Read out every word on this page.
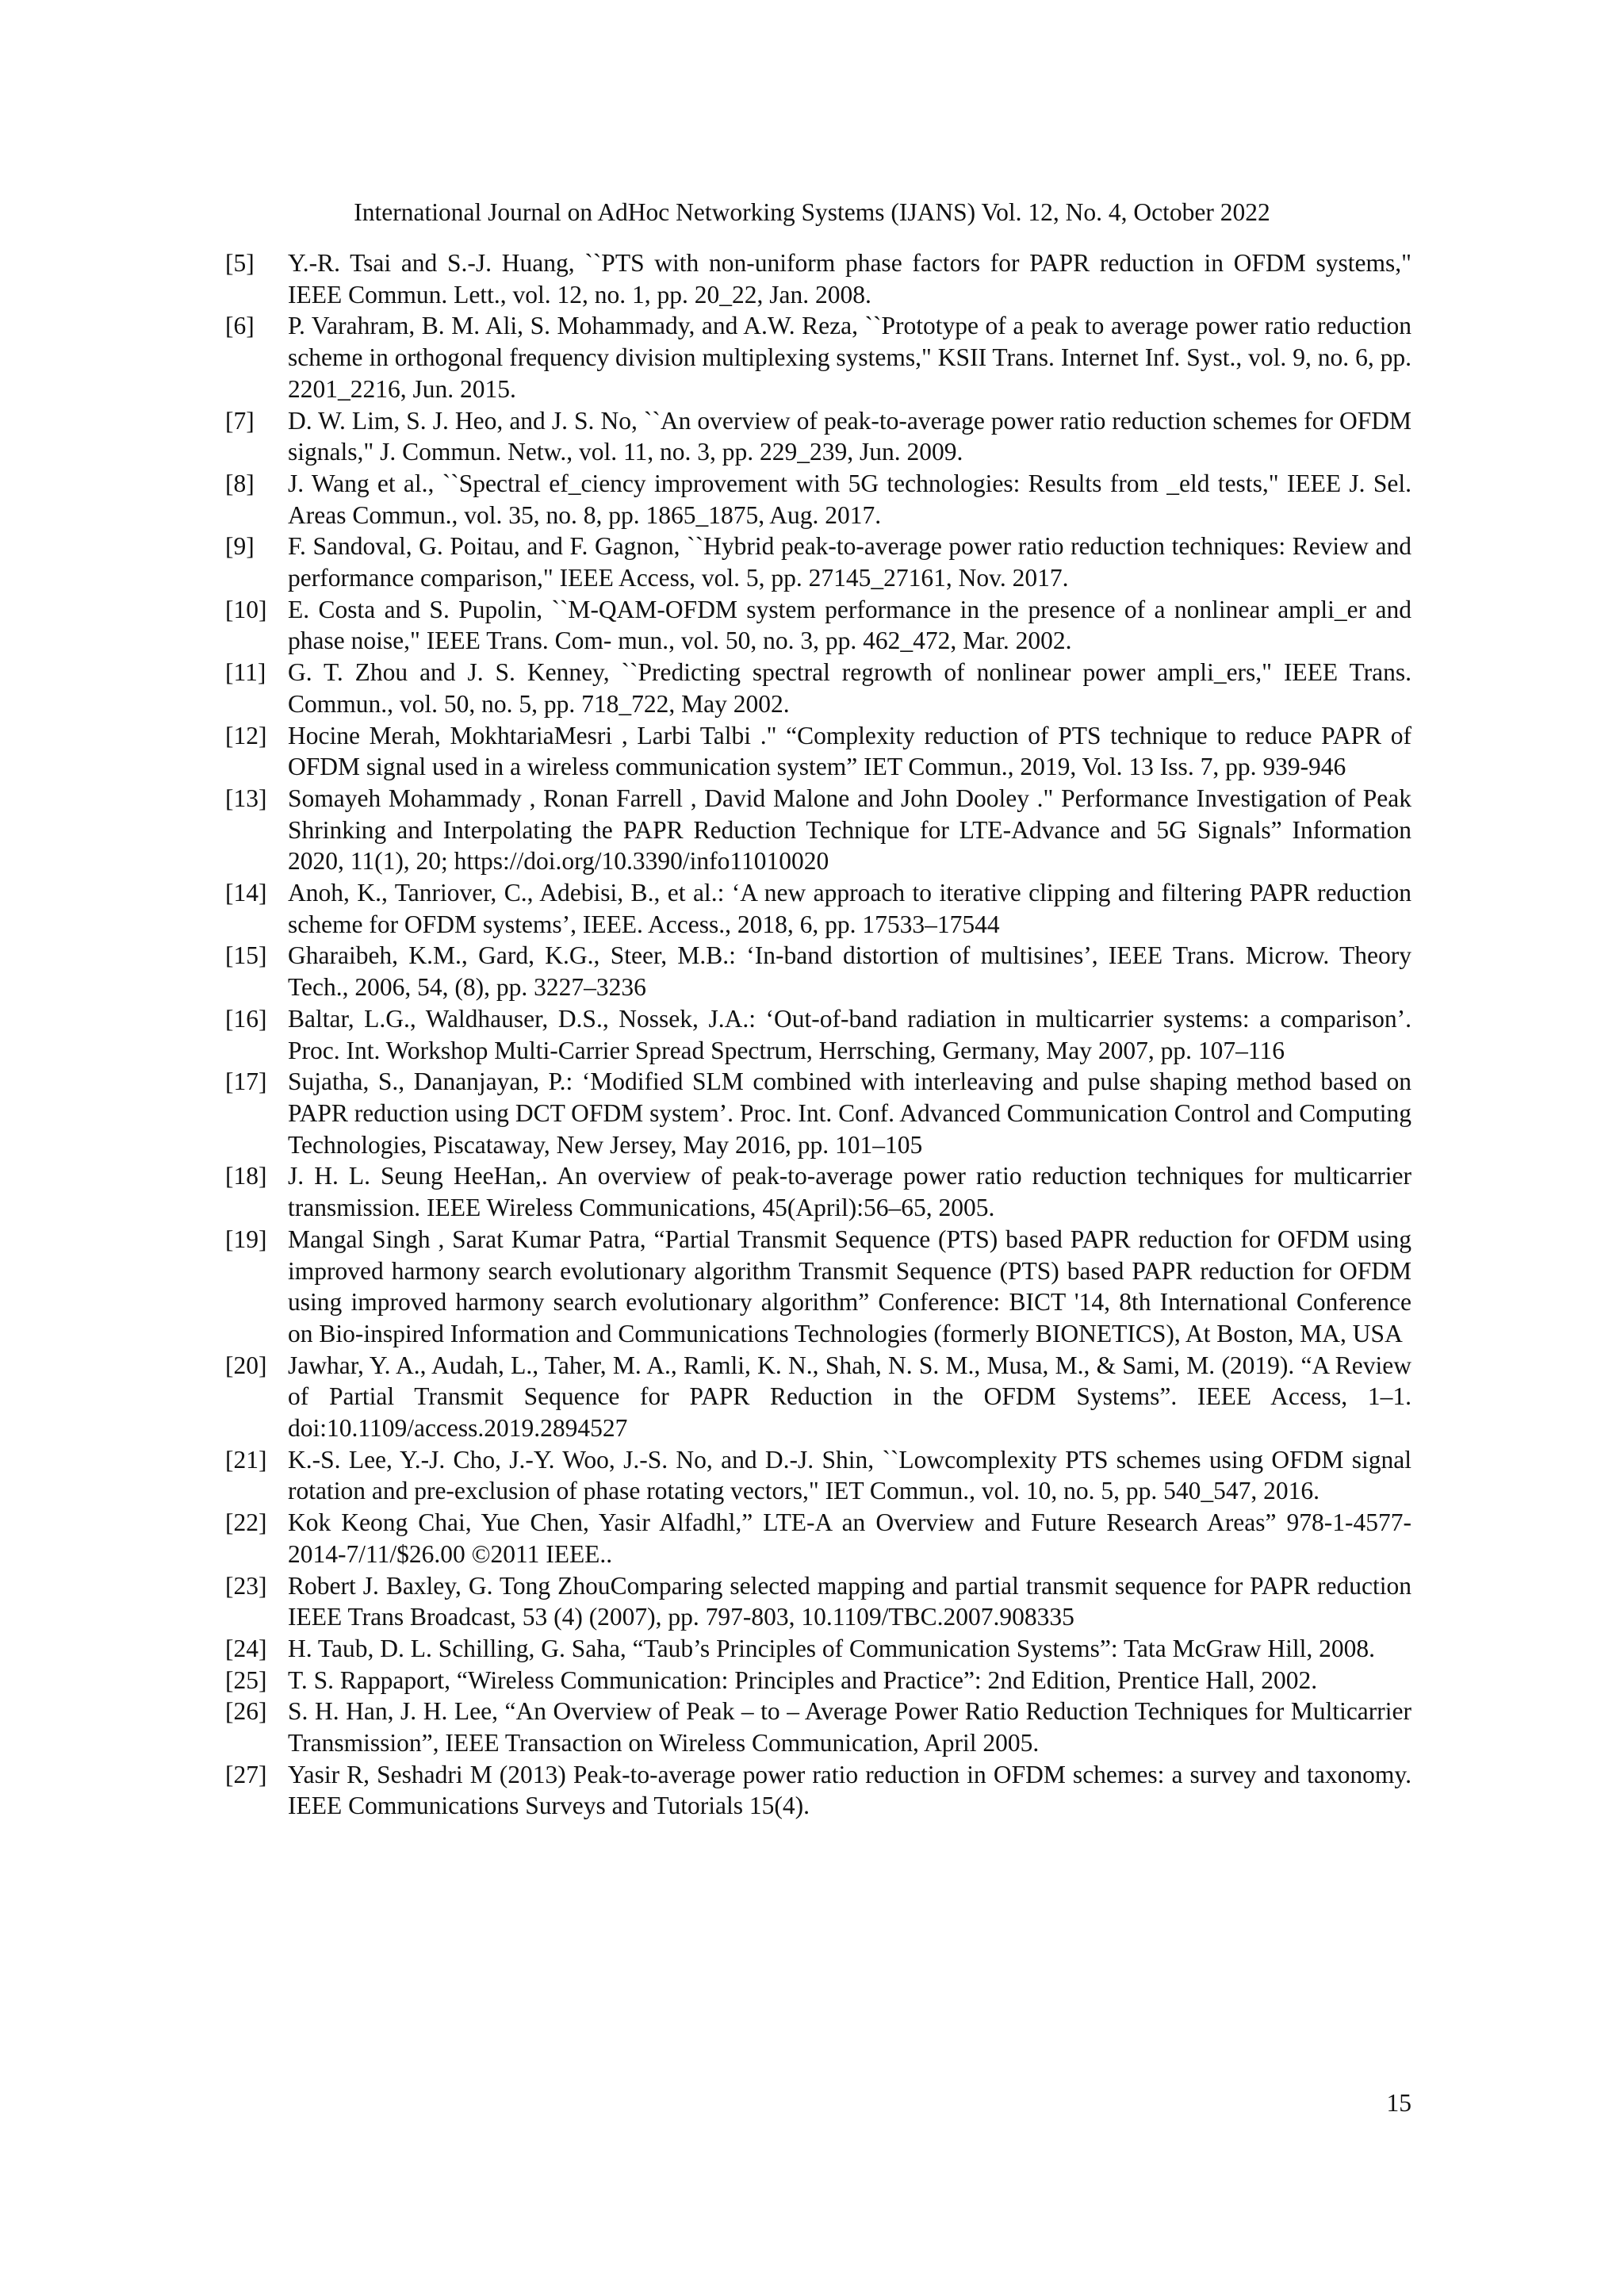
International Journal on AdHoc Networking Systems (IJANS) Vol. 12, No. 4, October 2022
[5]	Y.-R. Tsai and S.-J. Huang, ``PTS with non-uniform phase factors for PAPR reduction in OFDM systems," IEEE Commun. Lett., vol. 12, no. 1, pp. 20_22, Jan. 2008.
[6]	P. Varahram, B. M. Ali, S. Mohammady, and A.W. Reza, ``Prototype of a peak to average power ratio reduction scheme in orthogonal frequency division multiplexing systems," KSII Trans. Internet Inf. Syst., vol. 9, no. 6, pp. 2201_2216, Jun. 2015.
[7]	D. W. Lim, S. J. Heo, and J. S. No, ``An overview of peak-to-average power ratio reduction schemes for OFDM signals," J. Commun. Netw., vol. 11, no. 3, pp. 229_239, Jun. 2009.
[8]	J. Wang et al., ``Spectral ef_ciency improvement with 5G technologies: Results from _eld tests," IEEE J. Sel. Areas Commun., vol. 35, no. 8, pp. 1865_1875, Aug. 2017.
[9]	F. Sandoval, G. Poitau, and F. Gagnon, ``Hybrid peak-to-average power ratio reduction techniques: Review and performance comparison," IEEE Access, vol. 5, pp. 27145_27161, Nov. 2017.
[10] E. Costa and S. Pupolin, ``M-QAM-OFDM system performance in the presence of a nonlinear ampli_er and phase noise," IEEE Trans. Com- mun., vol. 50, no. 3, pp. 462_472, Mar. 2002.
[11] G. T. Zhou and J. S. Kenney, ``Predicting spectral regrowth of nonlinear power ampli_ers," IEEE Trans. Commun., vol. 50, no. 5, pp. 718_722, May 2002.
[12] Hocine Merah, MokhtariaMesri , Larbi Talbi ." “Complexity reduction of PTS technique to reduce PAPR of OFDM signal used in a wireless communication system” IET Commun., 2019, Vol. 13 Iss. 7, pp. 939-946
[13] Somayeh Mohammady , Ronan Farrell , David Malone and John Dooley ." Performance Investigation of Peak Shrinking and Interpolating the PAPR Reduction Technique for LTE-Advance and 5G Signals” Information 2020, 11(1), 20; https://doi.org/10.3390/info11010020
[14] Anoh, K., Tanriover, C., Adebisi, B., et al.: ‘A new approach to iterative clipping and filtering PAPR reduction scheme for OFDM systems’, IEEE. Access., 2018, 6, pp. 17533–17544
[15] Gharaibeh, K.M., Gard, K.G., Steer, M.B.: ‘In-band distortion of multisines’, IEEE Trans. Microw. Theory Tech., 2006, 54, (8), pp. 3227–3236
[16] Baltar, L.G., Waldhauser, D.S., Nossek, J.A.: ‘Out-of-band radiation in multicarrier systems: a comparison’. Proc. Int. Workshop Multi-Carrier Spread Spectrum, Herrsching, Germany, May 2007, pp. 107–116
[17] Sujatha, S., Dananjayan, P.: ‘Modified SLM combined with interleaving and pulse shaping method based on PAPR reduction using DCT OFDM system’. Proc. Int. Conf. Advanced Communication Control and Computing Technologies, Piscataway, New Jersey, May 2016, pp. 101–105
[18] J. H. L. Seung HeeHan,. An overview of peak-to-average power ratio reduction techniques for multicarrier transmission. IEEE Wireless Communications, 45(April):56–65, 2005.
[19] Mangal Singh , Sarat Kumar Patra, “Partial Transmit Sequence (PTS) based PAPR reduction for OFDM using improved harmony search evolutionary algorithm Transmit Sequence (PTS) based PAPR reduction for OFDM using improved harmony search evolutionary algorithm” Conference: BICT '14, 8th International Conference on Bio-inspired Information and Communications Technologies (formerly BIONETICS), At Boston, MA, USA
[20] Jawhar, Y. A., Audah, L., Taher, M. A., Ramli, K. N., Shah, N. S. M., Musa, M., & Sami, M. (2019). “A Review of Partial Transmit Sequence for PAPR Reduction in the OFDM Systems”. IEEE Access, 1–1. doi:10.1109/access.2019.2894527
[21] K.-S. Lee, Y.-J. Cho, J.-Y. Woo, J.-S. No, and D.-J. Shin, ``Lowcomplexity PTS schemes using OFDM signal rotation and pre-exclusion of phase rotating vectors," IET Commun., vol. 10, no. 5, pp. 540_547, 2016.
[22] Kok Keong Chai, Yue Chen, Yasir Alfadhl,” LTE-A an Overview and Future Research Areas” 978-1-4577-2014-7/11/$26.00 ©2011 IEEE..
[23] Robert J. Baxley, G. Tong ZhouComparing selected mapping and partial transmit sequence for PAPR reduction IEEE Trans Broadcast, 53 (4) (2007), pp. 797-803, 10.1109/TBC.2007.908335
[24] H. Taub, D. L. Schilling, G. Saha, “Taub’s Principles of Communication Systems”: Tata McGraw Hill, 2008.
[25] T. S. Rappaport, “Wireless Communication: Principles and Practice”: 2nd Edition, Prentice Hall, 2002.
[26] S. H. Han, J. H. Lee, “An Overview of Peak – to – Average Power Ratio Reduction Techniques for Multicarrier Transmission”, IEEE Transaction on Wireless Communication, April 2005.
[27] Yasir R, Seshadri M (2013) Peak-to-average power ratio reduction in OFDM schemes: a survey and taxonomy. IEEE Communications Surveys and Tutorials 15(4).
15
